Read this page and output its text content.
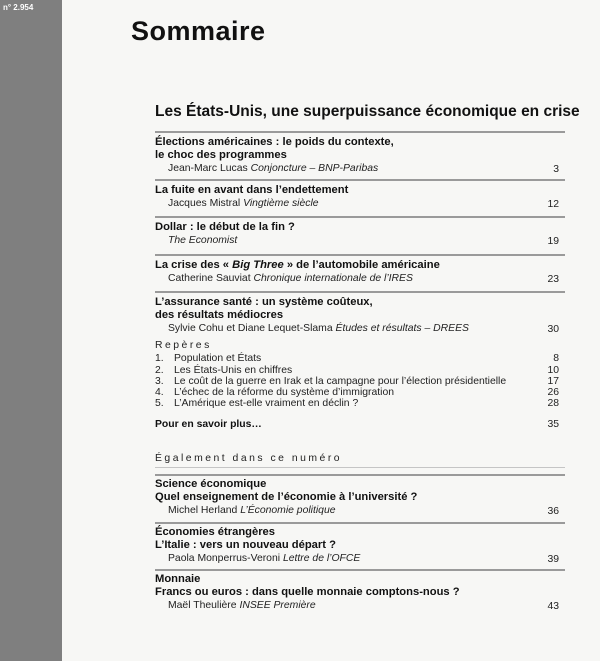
n° 2.954
Sommaire
Les États-Unis, une superpuissance économique en crise
Élections américaines : le poids du contexte,
le choc des programmes
Jean-Marc Lucas Conjoncture – BNP-Paribas	3
La fuite en avant dans l’endettement
Jacques Mistral Vingtième siècle	12
Dollar : le début de la fin ?
The Economist	19
La crise des « Big Three » de l’automobile américaine
Catherine Sauviat Chronique internationale de l’IRES	23
L’assurance santé : un système coûteux,
des résultats médiocres
Sylvie Cohu et Diane Lequet-Slama Études et résultats – DREES	30
Repères
1. Population et États	8
2. Les États-Unis en chiffres	10
3. Le coût de la guerre en Irak et la campagne pour l’élection présidentielle	17
4. L’échec de la réforme du système d’immigration	26
5. L’Amérique est-elle vraiment en déclin ?	28
Pour en savoir plus…	35
Également dans ce numéro
Science économique
Quel enseignement de l’économie à l’université ?
Michel Herland L’Économie politique	36
Économies étrangères
L’Italie : vers un nouveau départ ?
Paola Monperrus-Veroni Lettre de l’OFCE	39
Monnaie
Francs ou euros : dans quelle monnaie comptons-nous ?
Maël Theulière INSEE Première	43
